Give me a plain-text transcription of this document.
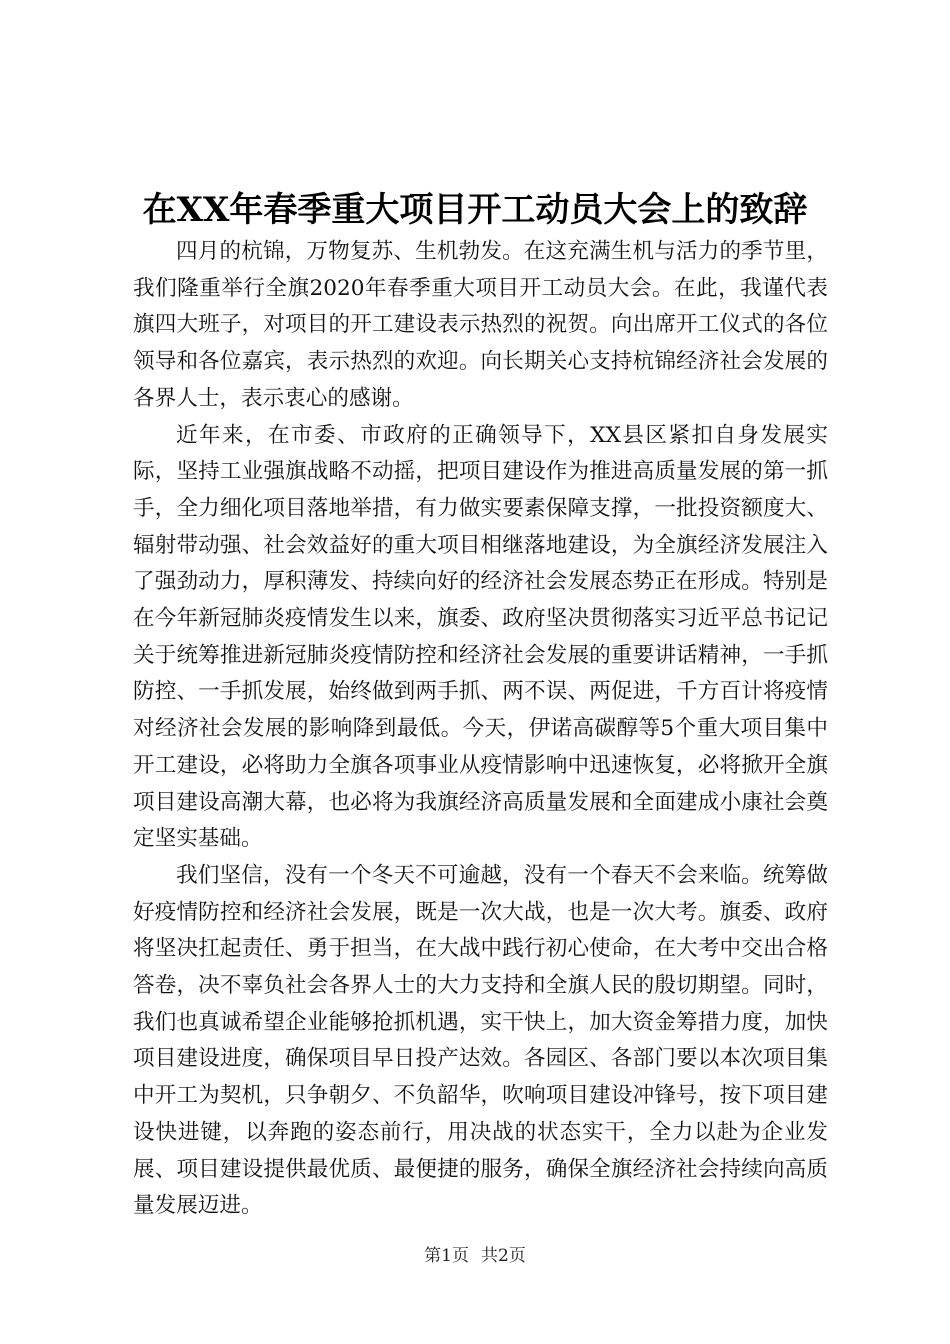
在XX年春季重大项目开工动员大会上的致辞

四月的杭锦，万物复苏、生机勃发。在这充满生机与活力的季节里，我们隆重举行全旗2020年春季重大项目开工动员大会。在此，我谨代表旗四大班子，对项目的开工建设表示热烈的祝贺。向出席开工仪式的各位领导和各位嘉宾，表示热烈的欢迎。向长期关心支持杭锦经济社会发展的各界人士，表示衷心的感谢。

近年来，在市委、市政府的正确领导下，XX县区紧扣自身发展实际，坚持工业强旗战略不动摇，把项目建设作为推进高质量发展的第一抓手，全力细化项目落地举措，有力做实要素保障支撑，一批投资额度大、辐射带动强、社会效益好的重大项目相继落地建设，为全旗经济发展注入了强劲动力，厚积薄发、持续向好的经济社会发展态势正在形成。特别是在今年新冠肺炎疫情发生以来，旗委、政府坚决贯彻落实习近平总书记记关于统筹推进新冠肺炎疫情防控和经济社会发展的重要讲话精神，一手抓防控、一手抓发展，始终做到两手抓、两不误、两促进，千方百计将疫情对经济社会发展的影响降到最低。今天，伊诺高碳醇等5个重大项目集中开工建设，必将助力全旗各项事业从疫情影响中迅速恢复，必将掀开全旗项目建设高潮大幕，也必将为我旗经济高质量发展和全面建成小康社会奠定坚实基础。

我们坚信，没有一个冬天不可逾越，没有一个春天不会来临。统筹做好疫情防控和经济社会发展，既是一次大战，也是一次大考。旗委、政府将坚决扛起责任、勇于担当，在大战中践行初心使命，在大考中交出合格答卷，决不辜负社会各界人士的大力支持和全旗人民的殷切期望。同时，我们也真诚希望企业能够抢抓机遇，实干快上，加大资金筹措力度，加快项目建设进度，确保项目早日投产达效。各园区、各部门要以本次项目集中开工为契机，只争朝夕、不负韶华，吹响项目建设冲锋号，按下项目建设快进键，以奔跑的姿态前行，用决战的状态实干，全力以赴为企业发展、项目建设提供最优质、最便捷的服务，确保全旗经济社会持续向高质量发展迈进。

第1页 共2页
